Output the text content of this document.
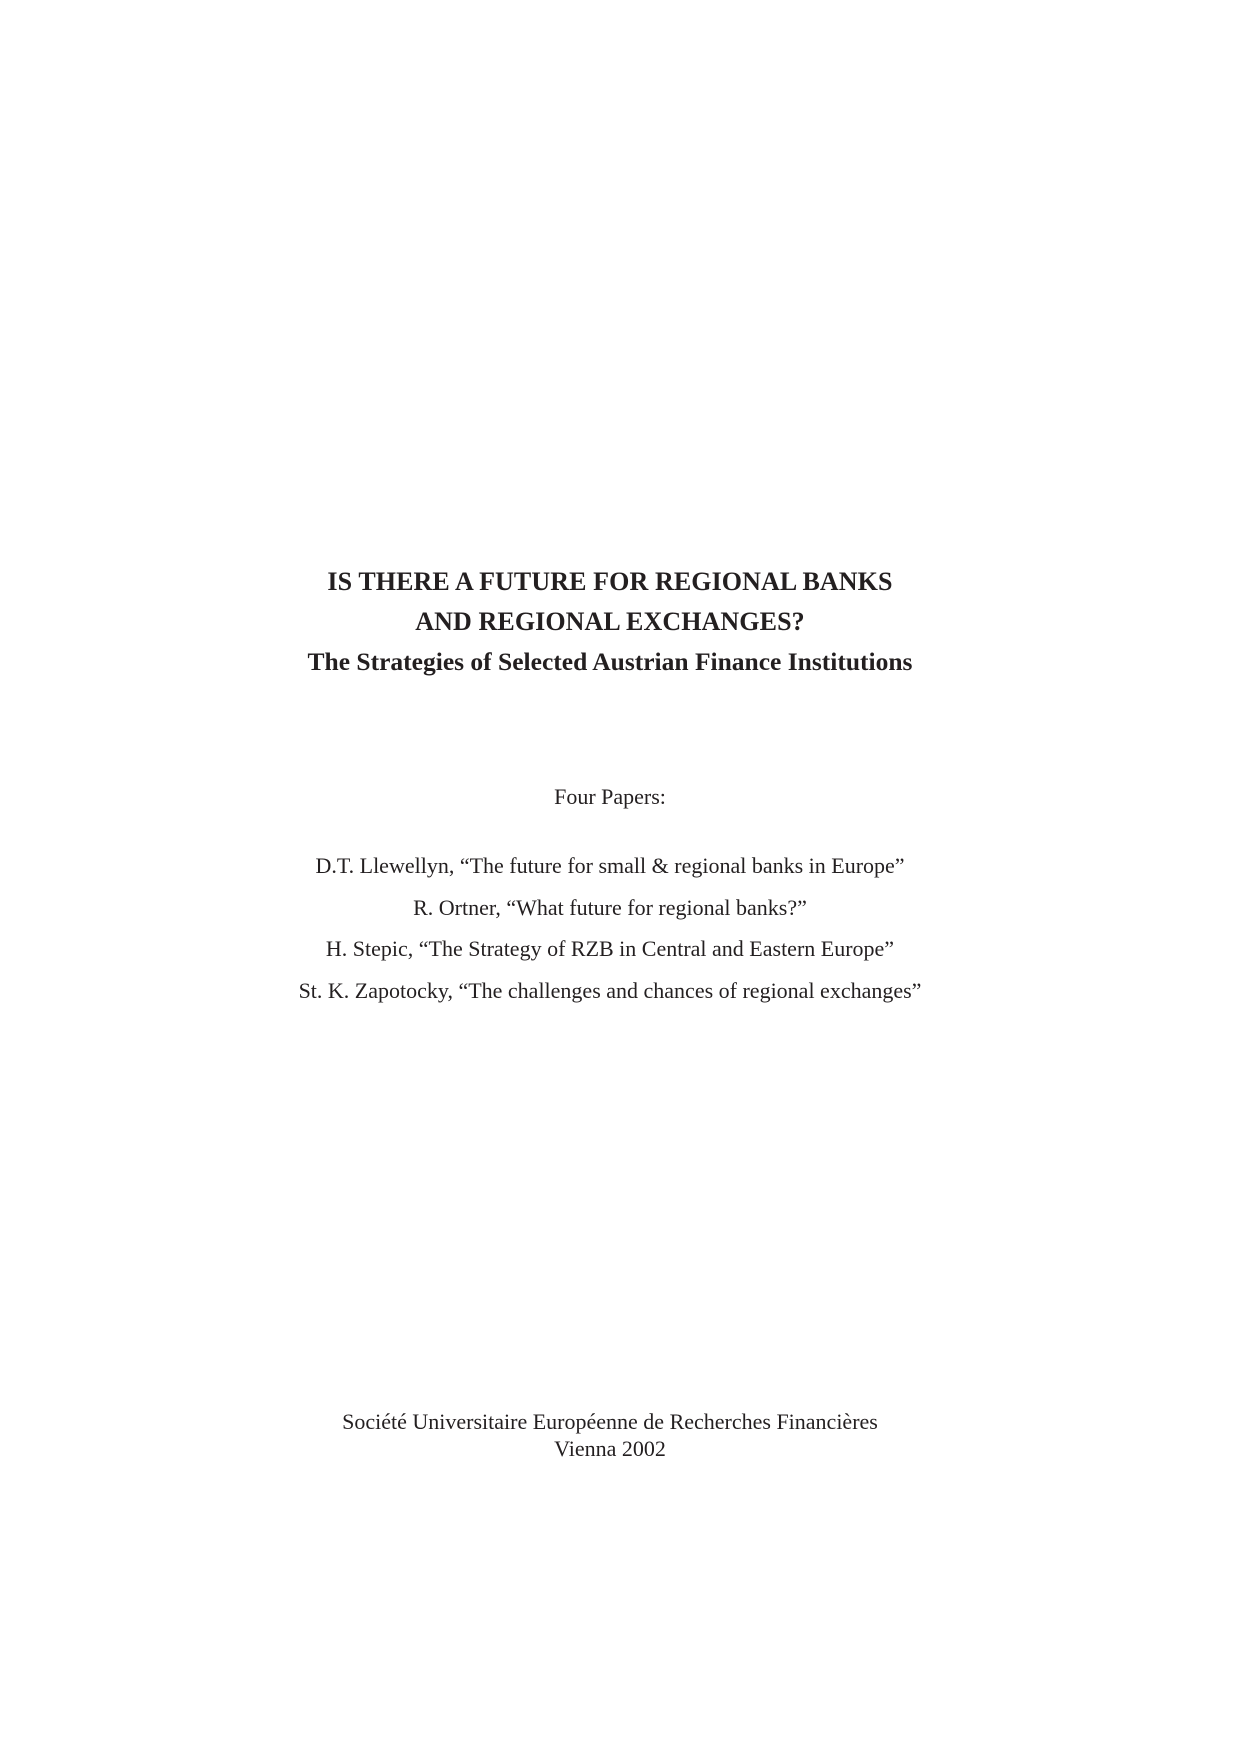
IS THERE A FUTURE FOR REGIONAL BANKS
AND REGIONAL EXCHANGES?
The Strategies of Selected Austrian Finance Institutions
Four Papers:
D.T. Llewellyn, “The future for small & regional banks in Europe”
R. Ortner, “What future for regional banks?”
H. Stepic, “The Strategy of RZB in Central and Eastern Europe”
St. K. Zapotocky, “The challenges and chances of regional exchanges”
Société Universitaire Européenne de Recherches Financières
Vienna 2002
